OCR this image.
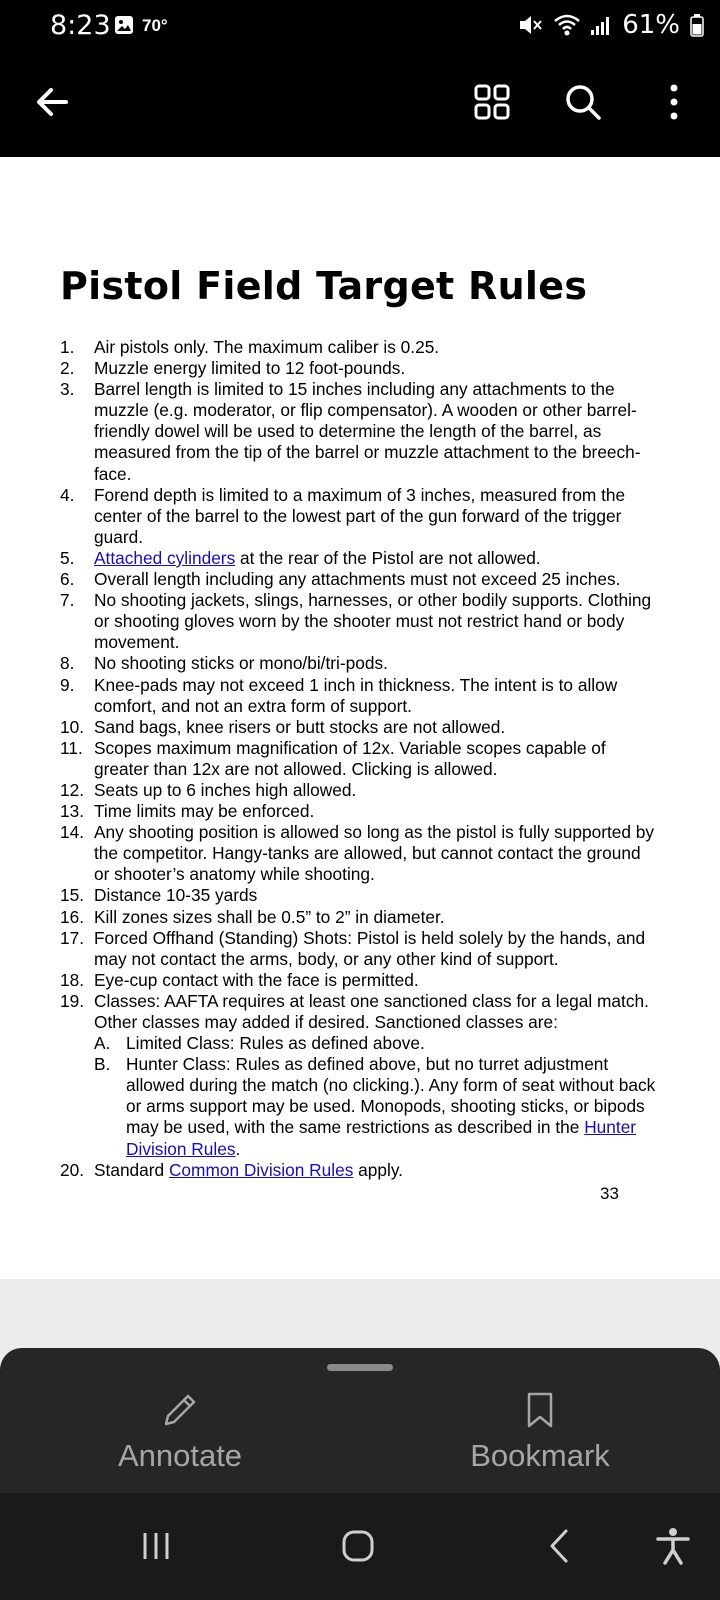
8:23 70°	61%
Pistol Field Target Rules
1. Air pistols only. The maximum caliber is 0.25.
2. Muzzle energy limited to 12 foot-pounds.
3. Barrel length is limited to 15 inches including any attachments to the muzzle (e.g. moderator, or flip compensator). A wooden or other barrel-friendly dowel will be used to determine the length of the barrel, as measured from the tip of the barrel or muzzle attachment to the breech-face.
4. Forend depth is limited to a maximum of 3 inches, measured from the center of the barrel to the lowest part of the gun forward of the trigger guard.
5. Attached cylinders at the rear of the Pistol are not allowed.
6. Overall length including any attachments must not exceed 25 inches.
7. No shooting jackets, slings, harnesses, or other bodily supports. Clothing or shooting gloves worn by the shooter must not restrict hand or body movement.
8. No shooting sticks or mono/bi/tri-pods.
9. Knee-pads may not exceed 1 inch in thickness. The intent is to allow comfort, and not an extra form of support.
10. Sand bags, knee risers or butt stocks are not allowed.
11. Scopes maximum magnification of 12x. Variable scopes capable of greater than 12x are not allowed. Clicking is allowed.
12. Seats up to 6 inches high allowed.
13. Time limits may be enforced.
14. Any shooting position is allowed so long as the pistol is fully supported by the competitor. Hangy-tanks are allowed, but cannot contact the ground or shooter’s anatomy while shooting.
15. Distance 10-35 yards
16. Kill zones sizes shall be 0.5” to 2” in diameter.
17. Forced Offhand (Standing) Shots: Pistol is held solely by the hands, and may not contact the arms, body, or any other kind of support.
18. Eye-cup contact with the face is permitted.
19. Classes: AAFTA requires at least one sanctioned class for a legal match. Other classes may added if desired. Sanctioned classes are:
A. Limited Class: Rules as defined above.
B. Hunter Class: Rules as defined above, but no turret adjustment allowed during the match (no clicking.). Any form of seat without back or arms support may be used. Monopods, shooting sticks, or bipods may be used, with the same restrictions as described in the Hunter Division Rules.
20. Standard Common Division Rules apply.
33
Annotate	Bookmark
